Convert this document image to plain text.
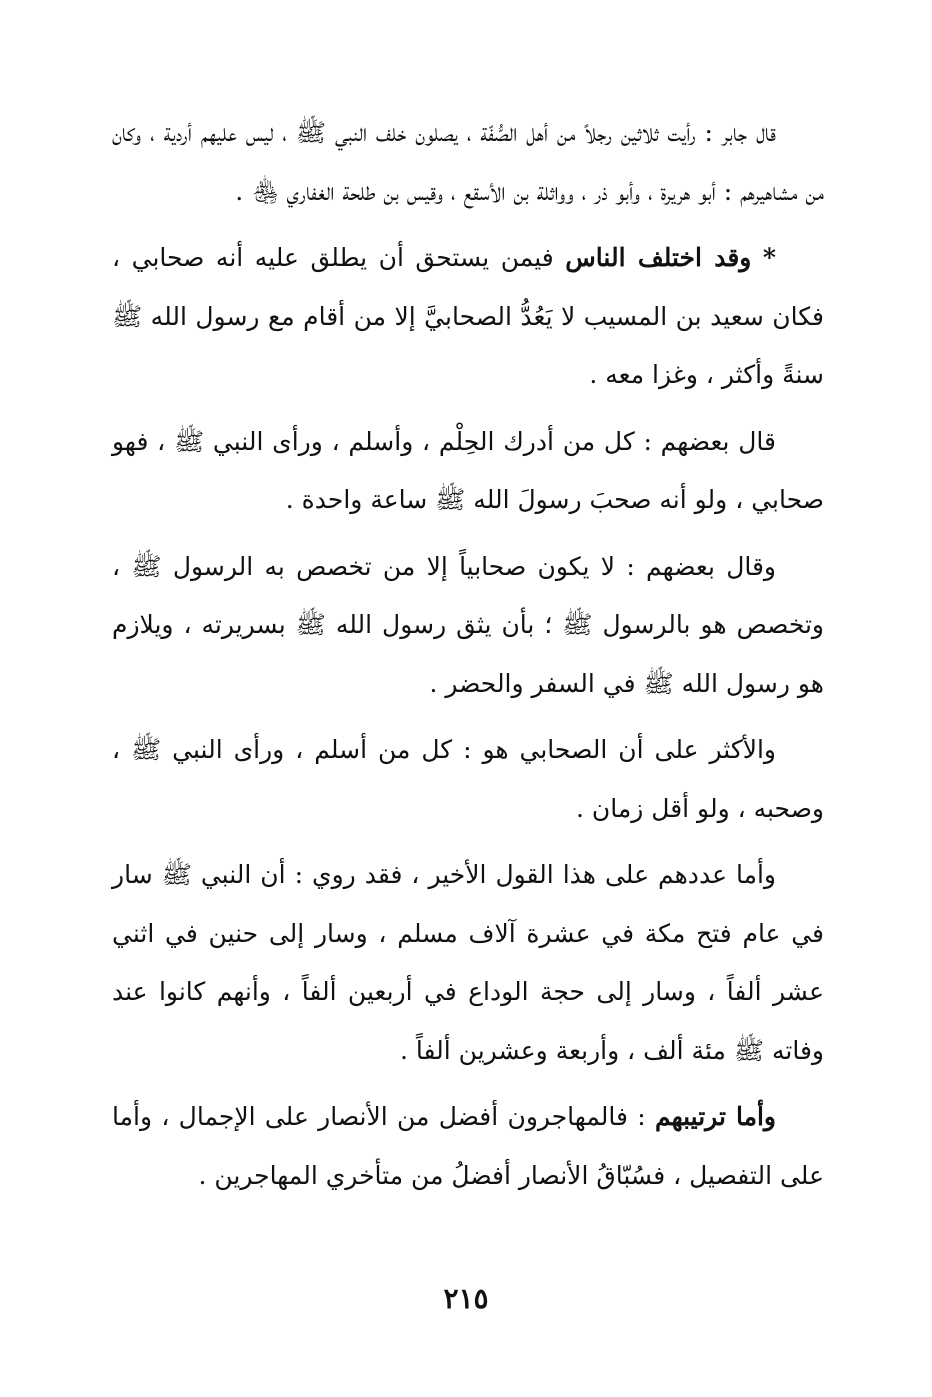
قال جابر : رأيت ثلاثين رجلاً من أهل الصُّفّة ، يصلون خلف النبي ﷺ ، ليس عليهم أردية ، وكان من مشاهيرهم : أبو هريرة ، وأبو ذر ، وواثلة بن الأسقع ، وقيس بن طلحة الغفاري ﵃ .

* وقد اختلف الناس فيمن يستحق أن يطلق عليه أنه صحابي ، فكان سعيد بن المسيب لا يَعُدُّ الصحابيَّ إلا من أقام مع رسول الله ﷺ سنةً وأكثر ، وغزا معه .

قال بعضهم : كل من أدرك الحِلْم ، وأسلم ، ورأى النبي ﷺ ، فهو صحابي ، ولو أنه صحبَ رسولَ الله ﷺ ساعة واحدة .

وقال بعضهم : لا يكون صحابياً إلا من تخصص به الرسول ﷺ ، وتخصص هو بالرسول ﷺ ؛ بأن يثق رسول الله ﷺ بسريرته ، ويلازم هو رسول الله ﷺ في السفر والحضر .

والأكثر على أن الصحابي هو : كل من أسلم ، ورأى النبي ﷺ ، وصحبه ، ولو أقل زمان .

وأما عددهم على هذا القول الأخير ، فقد روي : أن النبي ﷺ سار في عام فتح مكة في عشرة آلاف مسلم ، وسار إلى حنين في اثني عشر ألفاً ، وسار إلى حجة الوداع في أربعين ألفاً ، وأنهم كانوا عند وفاته ﷺ مئة ألف ، وأربعة وعشرين ألفاً .

وأما ترتيبهم : فالمهاجرون أفضل من الأنصار على الإجمال ، وأما على التفصيل ، فسُبّاقُ الأنصار أفضلُ من متأخري المهاجرين .

٢١٥
